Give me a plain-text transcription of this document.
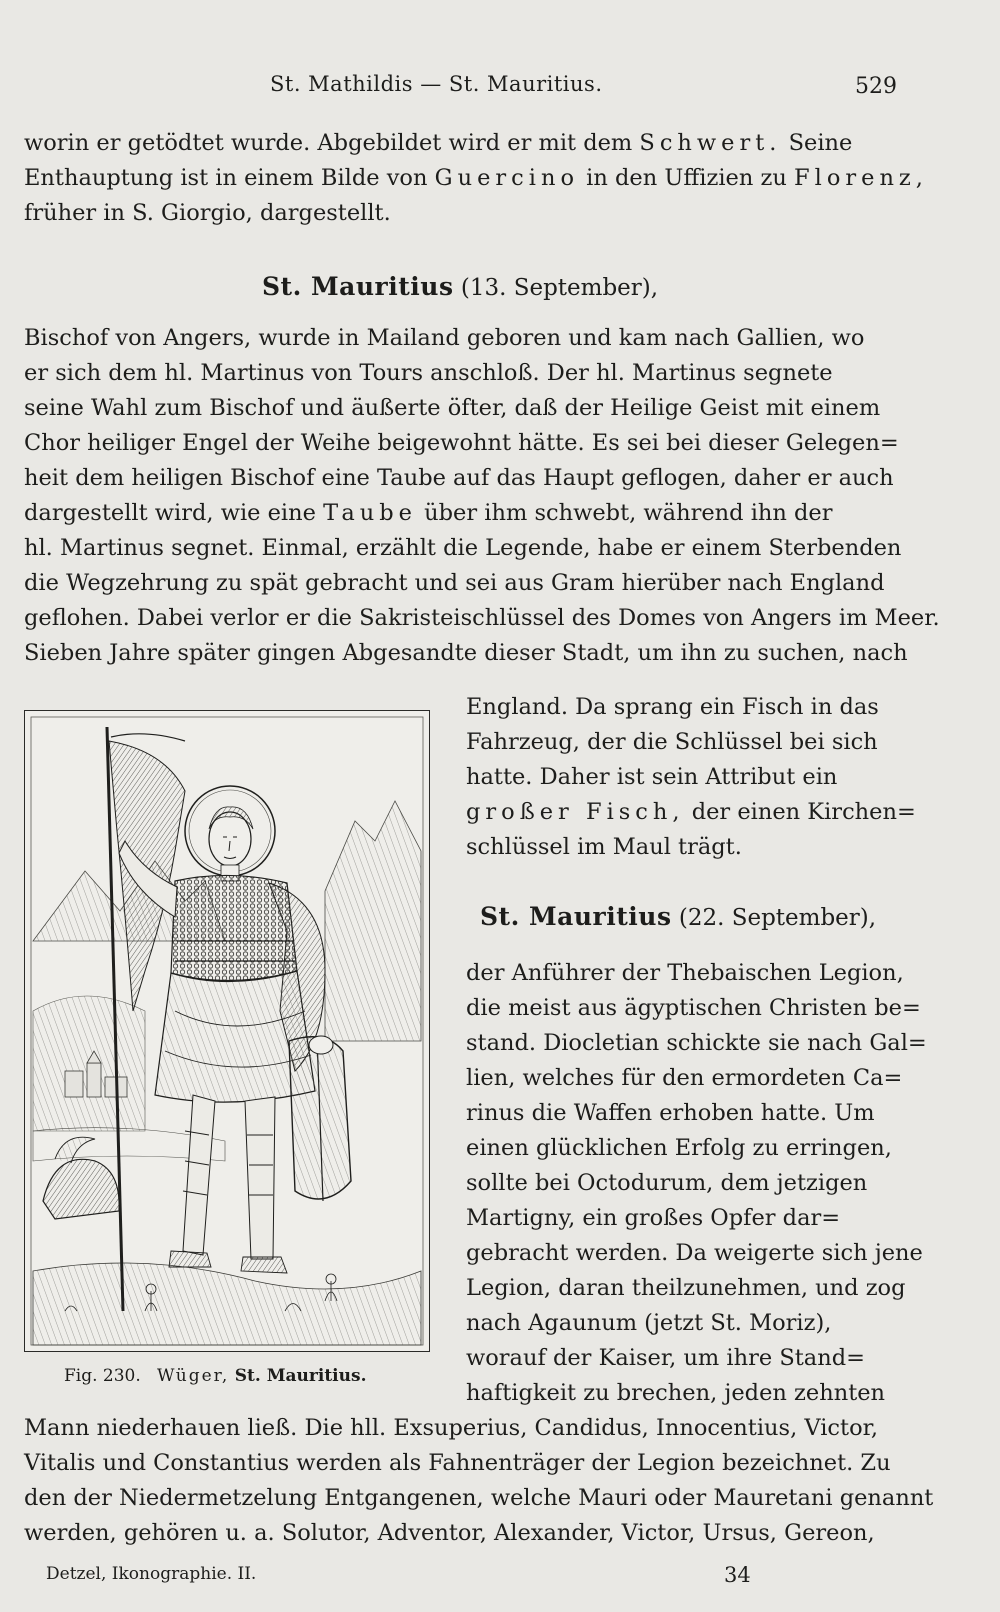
St. Mathildis — St. Mauritius.	529
worin er getödtet wurde. Abgebildet wird er mit dem Schwert. Seine
Enthauptung ist in einem Bilde von Guercino in den Uffizien zu Florenz,
früher in S. Giorgio, dargestellt.
St. Mauritius (13. September),
Bischof von Angers, wurde in Mailand geboren und kam nach Gallien, wo
er sich dem hl. Martinus von Tours anschloß. Der hl. Martinus segnete
seine Wahl zum Bischof und äußerte öfter, daß der Heilige Geist mit einem
Chor heiliger Engel der Weihe beigewohnt hätte. Es sei bei dieser Gelegen=
heit dem heiligen Bischof eine Taube auf das Haupt geflogen, daher er auch
dargestellt wird, wie eine Taube über ihm schwebt, während ihn der
hl. Martinus segnet. Einmal, erzählt die Legende, habe er einem Sterbenden
die Wegzehrung zu spät gebracht und sei aus Gram hierüber nach England
geflohen. Dabei verlor er die Sakristeischlüssel des Domes von Angers im Meer.
Sieben Jahre später gingen Abgesandte dieser Stadt, um ihn zu suchen, nach
England. Da sprang ein Fisch in das
Fahrzeug, der die Schlüssel bei sich
hatte. Daher ist sein Attribut ein
großer Fisch, der einen Kirchen=
schlüssel im Maul trägt.
St. Mauritius (22. September),
der Anführer der Thebaischen Legion,
die meist aus ägyptischen Christen be=
stand. Diocletian schickte sie nach Gal=
lien, welches für den ermordeten Ca=
rinus die Waffen erhoben hatte. Um
einen glücklichen Erfolg zu erringen,
sollte bei Octodurum, dem jetzigen
Martigny, ein großes Opfer dar=
gebracht werden. Da weigerte sich jene
Legion, daran theilzunehmen, und zog
nach Agaunum (jetzt St. Moriz),
worauf der Kaiser, um ihre Stand=
haftigkeit zu brechen, jeden zehnten
Mann niederhauen ließ. Die hll. Exsuperius, Candidus, Innocentius, Victor,
Vitalis und Constantius werden als Fahnenträger der Legion bezeichnet. Zu
den der Niedermetzelung Entgangenen, welche Mauri oder Mauretani genannt
werden, gehören u. a. Solutor, Adventor, Alexander, Victor, Ursus, Gereon,
Fig. 230. Wüger, St. Mauritius.
Detzel, Ikonographie. II.	34
